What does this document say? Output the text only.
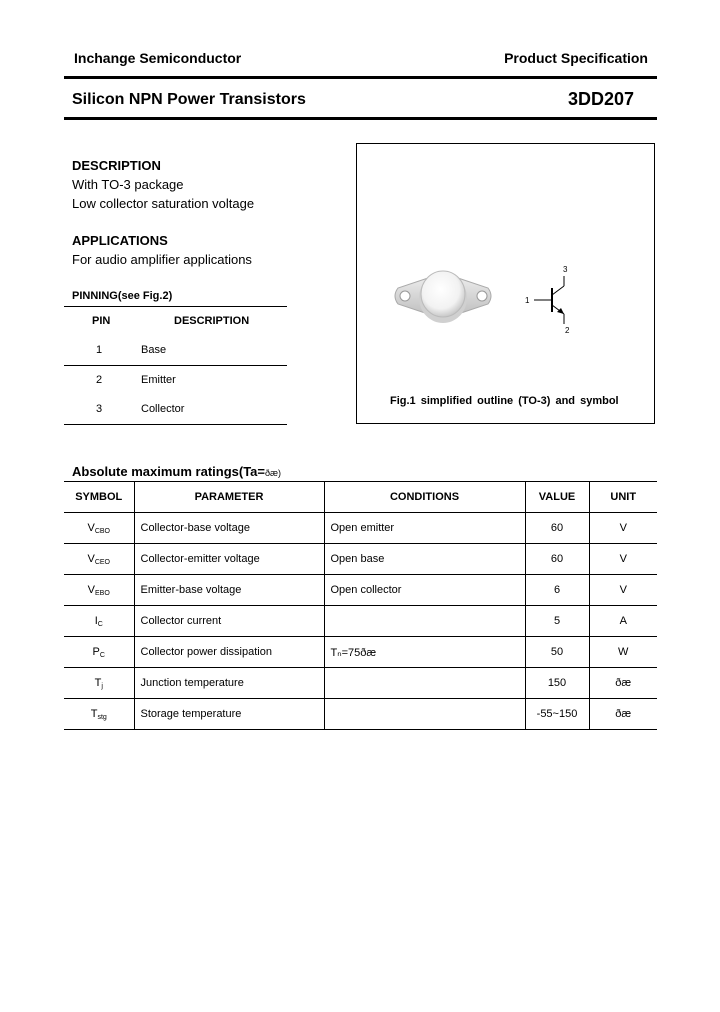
Inchange Semiconductor	Product Specification
Silicon NPN Power Transistors	3DD207
DESCRIPTION
With TO-3 package
Low collector saturation voltage
APPLICATIONS
For audio amplifier applications
PINNING(see Fig.2)
PIN	DESCRIPTION
1	Base
2	Emitter
3	Collector
1
2
3
Fig.1 simplified outline (TO-3) and symbol
Absolute maximum ratings(Ta=ðæ)
SYMBOL	PARAMETER	CONDITIONS	VALUE	UNIT
VCBO	Collector-base voltage	Open emitter	60	V
VCEO	Collector-emitter voltage	Open base	60	V
VEBO	Emitter-base voltage	Open collector	6	V
IC	Collector current		5	A
PC	Collector power dissipation	Tₙ=75ðæ	50	W
Tj	Junction temperature		150	ðæ
Tstg	Storage temperature		-55~150	ðæ
